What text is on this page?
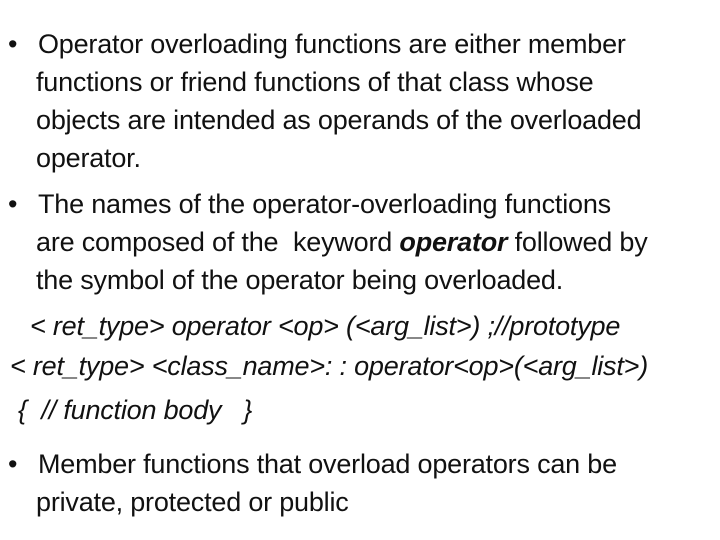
• Operator overloading functions are either member
functions or friend functions of that class whose
objects are intended as operands of the overloaded
operator.
• The names of the operator-overloading functions
are composed of the  keyword operator followed by
the symbol of the operator being overloaded.
< ret_type> operator <op> (<arg_list>) ;//prototype
< ret_type> <class_name>: : operator<op>(<arg_list>)
{  // function body   }
• Member functions that overload operators can be
private, protected or public
